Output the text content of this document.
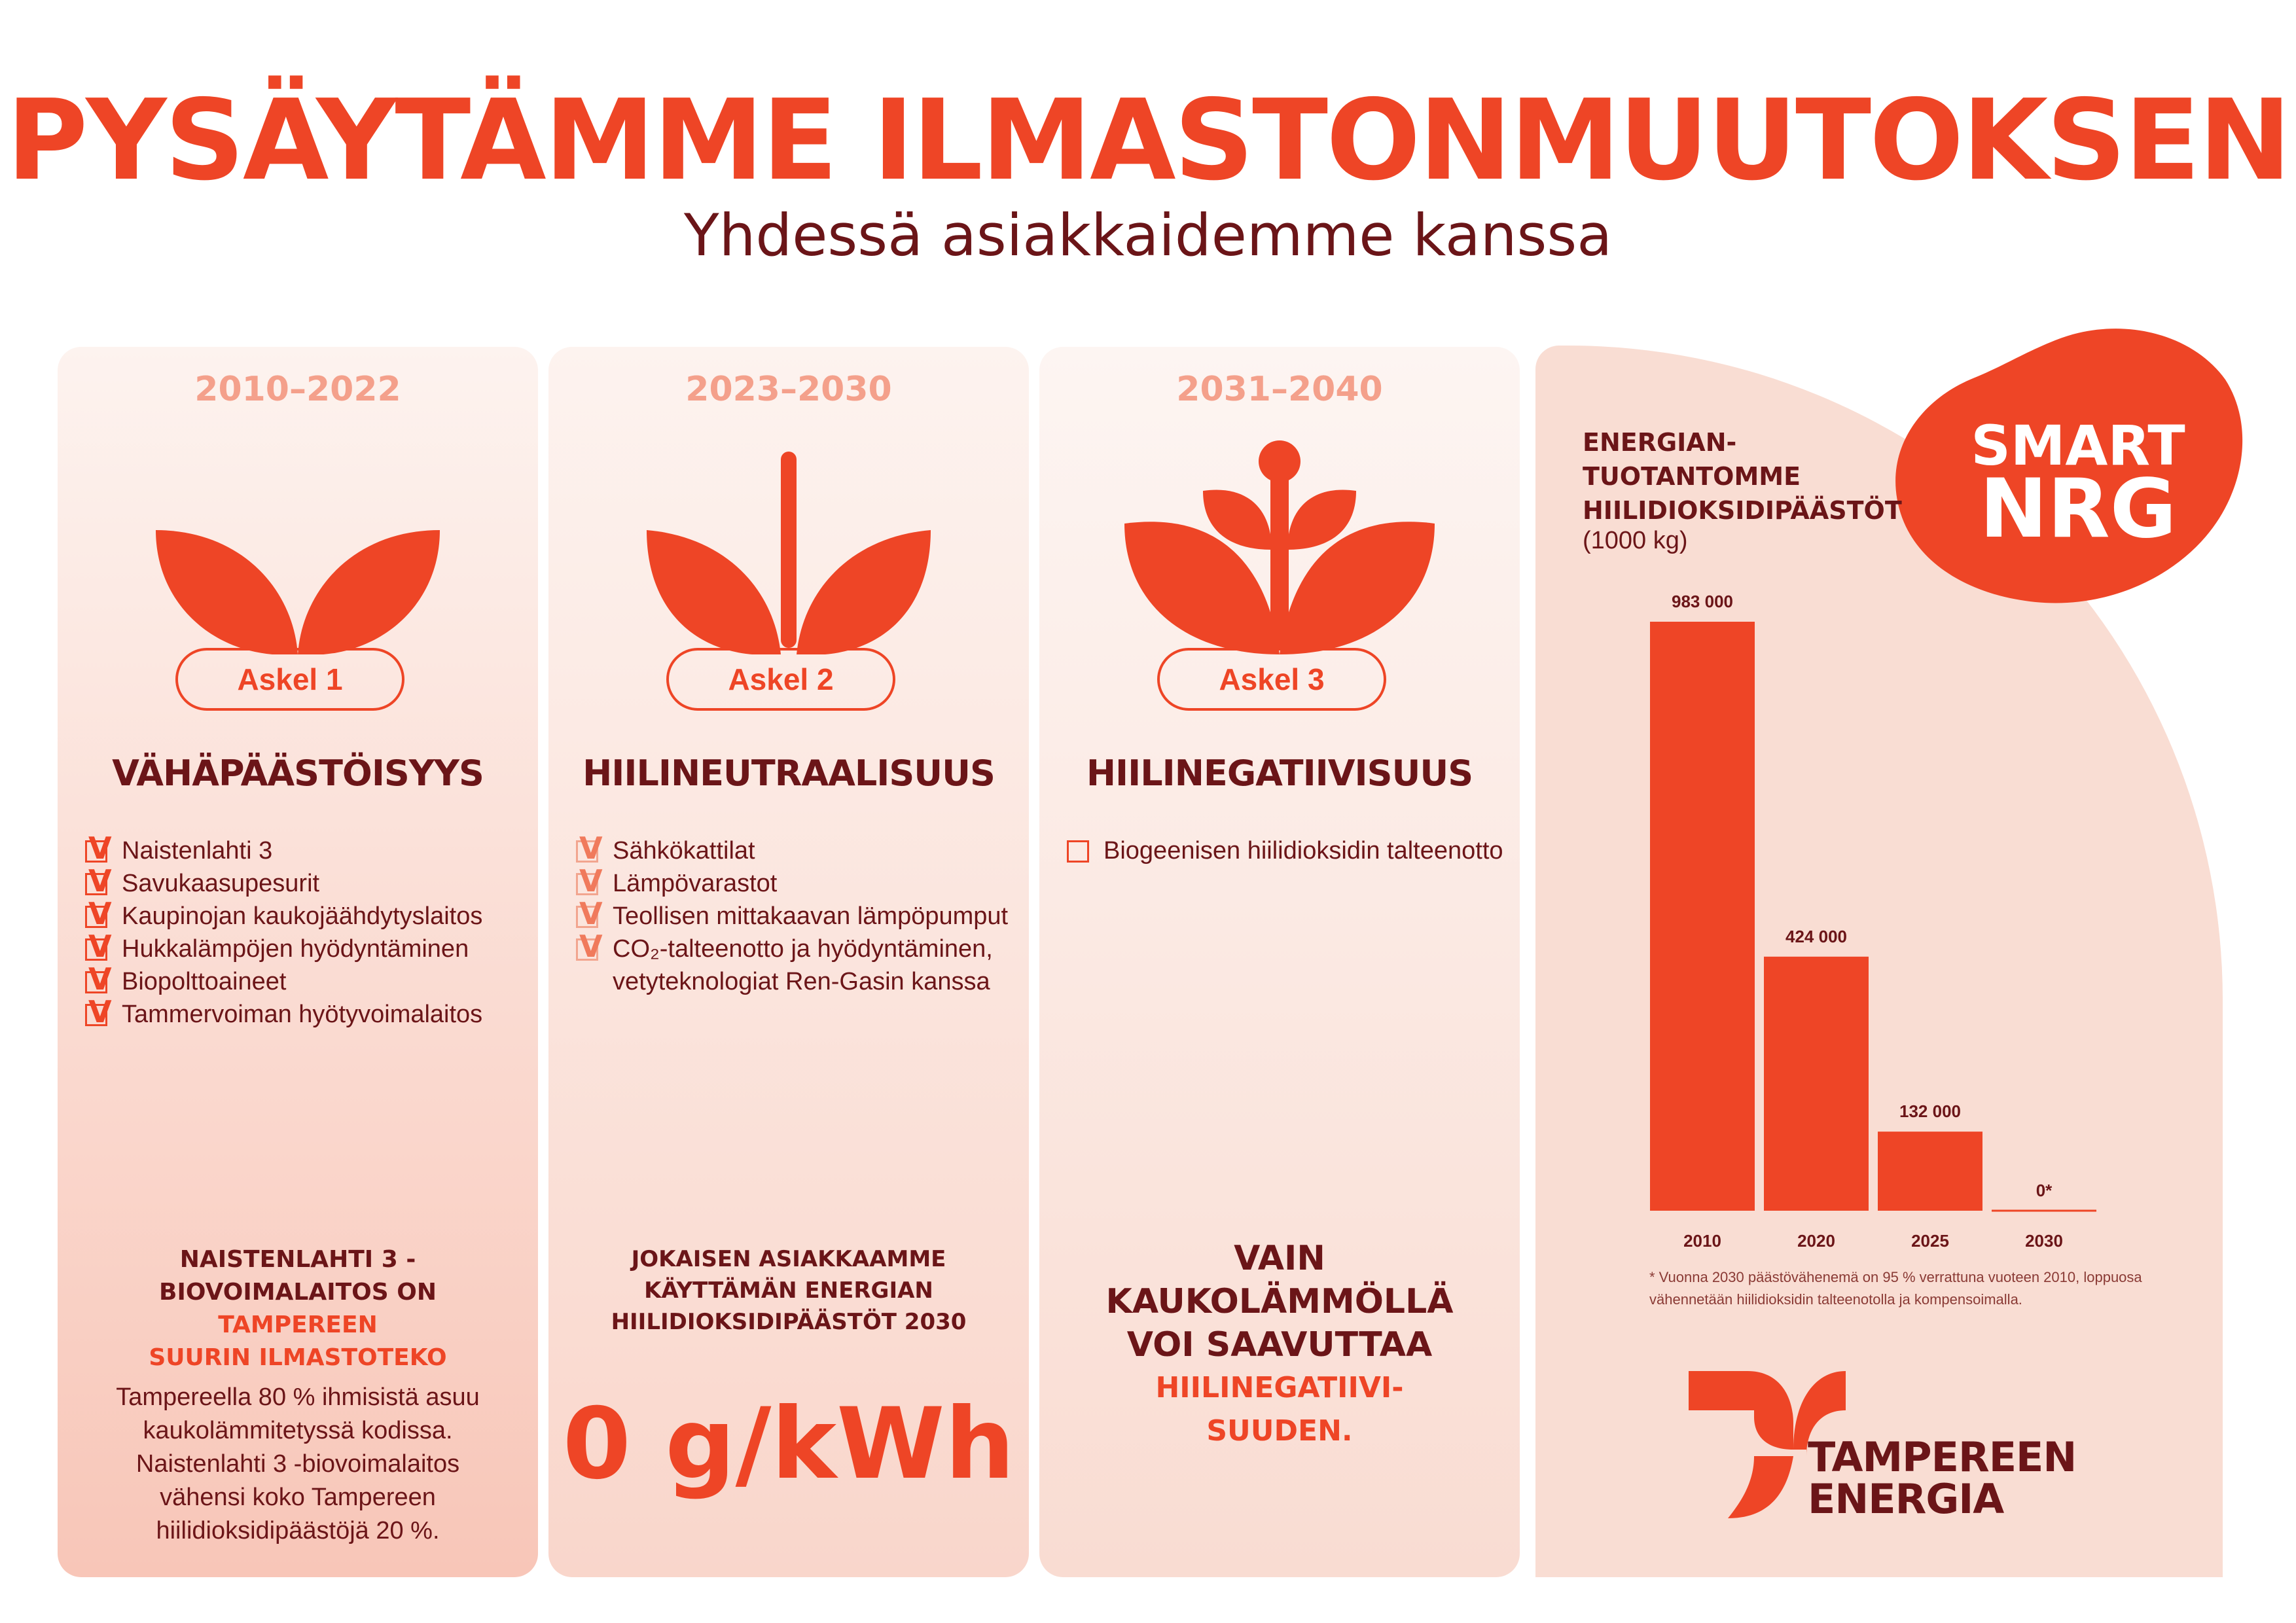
PYSÄYTÄMME ILMASTONMUUTOKSEN
Yhdessä asiakkaidemme kanssa
2010–2022
Askel 1
VÄHÄPÄÄSTÖISYYS
V Naistenlahti 3
V Savukaasupesurit
V Kaupinojan kaukojäähdytyslaitos
V Hukkalämpöjen hyödyntäminen
V Biopolttoaineet
V Tammervoiman hyötyvoimalaitos
NAISTENLAHTI 3 -
BIOVOIMALAITOS ON
TAMPEREEN
SUURIN ILMASTOTEKO
Tampereella 80 % ihmisistä asuu kaukolämmitetyssä kodissa. Naistenlahti 3 -biovoimalaitos vähensi koko Tampereen hiilidioksidipäästöjä 20 %.
2023–2030
Askel 2
HIILINEUTRAALISUUS
V Sähkökattilat
V Lämpövarastot
V Teollisen mittakaavan lämpöpumput
V CO₂-talteenotto ja hyödyntäminen, vetyteknologiat Ren-Gasin kanssa
JOKAISEN ASIAKKAAMME
KÄYTTÄMÄN ENERGIAN
HIILIDIOKSIDIPÄÄSTÖT 2030
0 g/kWh
2031–2040
Askel 3
HIILINEGATIIVISUUS
Biogeenisen hiilidioksidin talteenotto
VAIN
KAUKOLÄMMÖLLÄ
VOI SAAVUTTAA
HIILINEGATIIVI-
SUUDEN.
SMART
NRG
ENERGIAN-
TUOTANTOMME
HIILIDIOKSIDIPÄÄSTÖT
(1000 kg)
983 000
2010
424 000
2020
132 000
2025
0*
2030
* Vuonna 2030 päästövähenemä on 95 % verrattuna vuoteen 2010, loppuosa vähennetään hiilidioksidin talteenotolla ja kompensoimalla.
TAMPEREEN
ENERGIA
